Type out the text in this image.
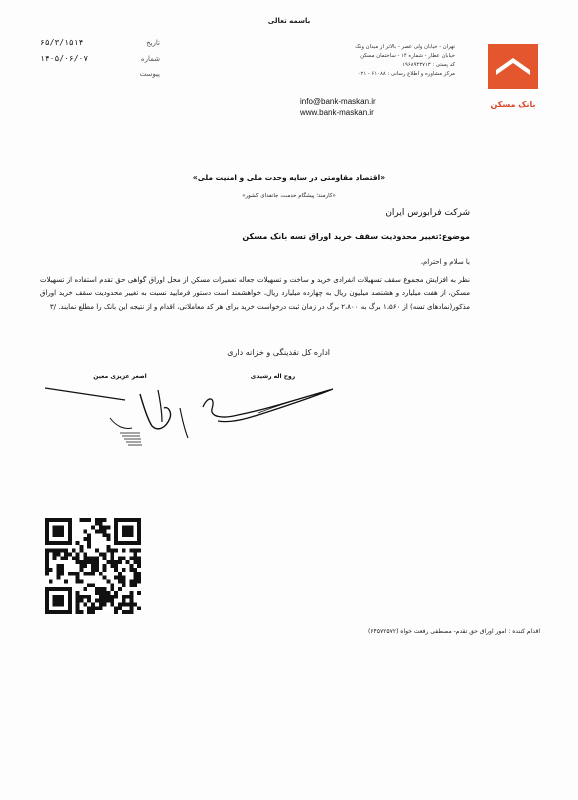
باسمه تعالی
۶۵/۳/۱۵۱۴	تاریخ
۱۴۰۵/۰۶/۰۷	شماره
پیوست
تهران - خیابان ولی عصر - بالاتر از میدان ونک
خیابان عطار - شماره ۱۴ - ساختمان مسکن
کد پستی : ۱۹۶۸۹۴۳۷۱۳
مرکز مشاوره و اطلاع رسانی : ۶۱۰۸۸ - ۰۲۱
info@bank-maskan.ir
www.bank-maskan.ir
بانک مسکن
«اقتصاد مقاومتی در سایه وحدت ملی و امنیت ملی»
«کارمند؛ پیشگام خدمت، جانفدای کشور»
شرکت فرابورس ایران
موضوع:تغییر محدودیت سقف خرید اوراق تسه بانک مسکن
با سلام و احترام،
نظر به افزایش مجموع سقف تسهیلات انفرادی خرید و ساخت و تسهیلات جعاله تعمیرات مسکن از محل اوراق گواهی حق تقدم استفاده از تسهیلات مسکن، از هفت میلیارد و هشتصد میلیون ریال به چهارده میلیارد ریال، خواهشمند است دستور فرمایید نسبت به تغییر محدودیت سقف خرید اوراق مذکور(نمادهای تسه) از ۱،۵۶۰ برگ به ۲،۸۰۰ برگ در زمان ثبت درخواست خرید برای هر کد معاملاتی، اقدام و از نتیجه این بانک را مطلع نمایند. /۳
اداره کل نقدینگی و خزانه داری
روح اله رشیدی
اصغر عزیزی معین
اقدام کننده : امور اوراق حق تقدم- مصطفی رفعت خواه (۶۴۵۷۲۵۷۲)
